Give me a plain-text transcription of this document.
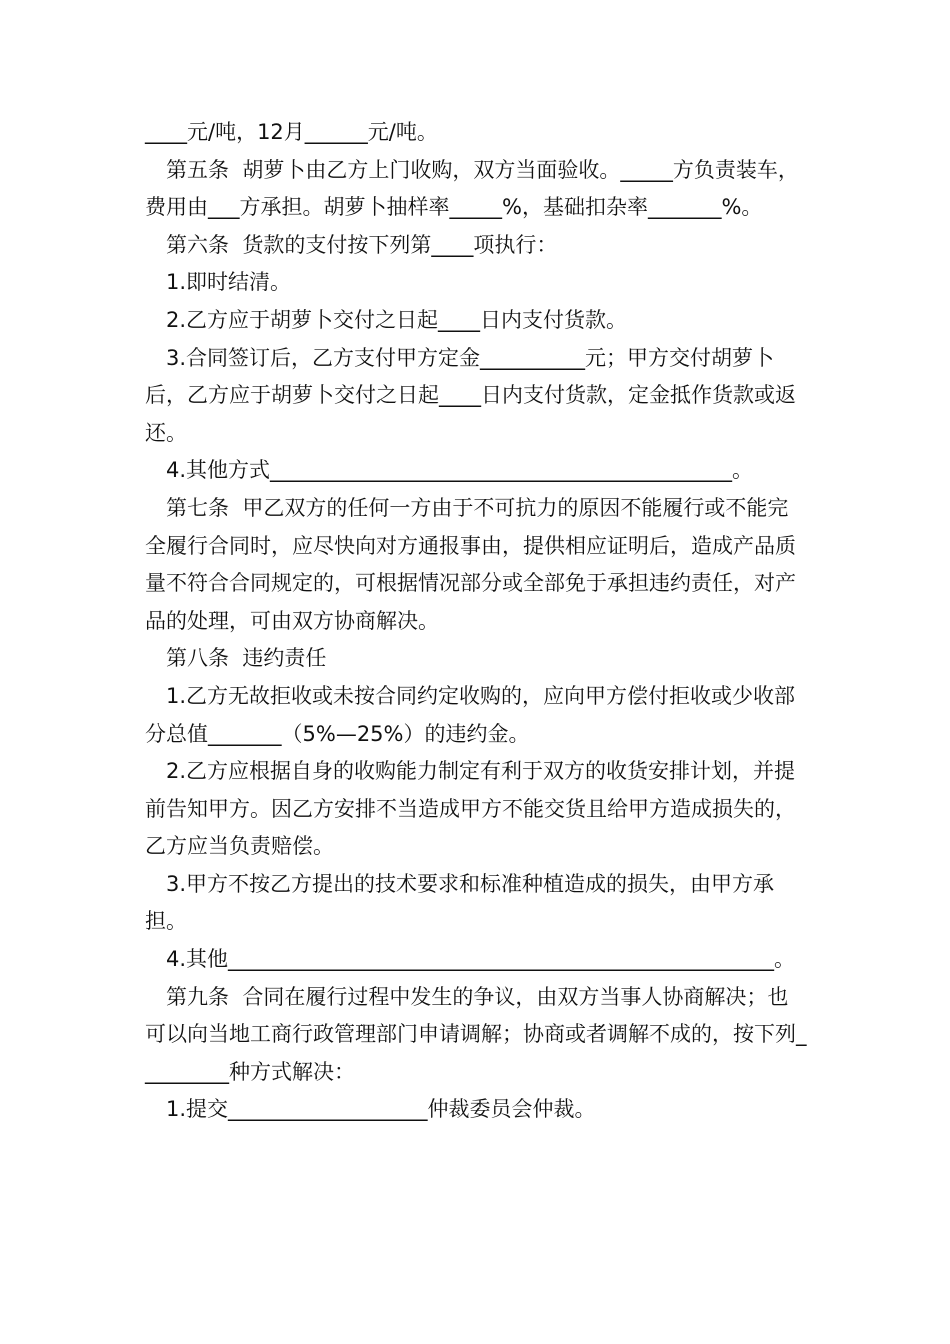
____元/吨，12月______元/吨。

第五条  胡萝卜由乙方上门收购，双方当面验收。_____方负责装车，费用由___方承担。胡萝卜抽样率_____%，基础扣杂率_______%。

第六条  货款的支付按下列第____项执行：

1.即时结清。

2.乙方应于胡萝卜交付之日起____日内支付货款。

3.合同签订后，乙方支付甲方定金__________元；甲方交付胡萝卜后，乙方应于胡萝卜交付之日起____日内支付货款，定金抵作货款或返还。

4.其他方式____________________________________________。

第七条  甲乙双方的任何一方由于不可抗力的原因不能履行或不能完全履行合同时，应尽快向对方通报事由，提供相应证明后，造成产品质量不符合合同规定的，可根据情况部分或全部免于承担违约责任，对产品的处理，可由双方协商解决。

第八条  违约责任

1.乙方无故拒收或未按合同约定收购的，应向甲方偿付拒收或少收部分总值_______（5%—25%）的违约金。

2.乙方应根据自身的收购能力制定有利于双方的收货安排计划，并提前告知甲方。因乙方安排不当造成甲方不能交货且给甲方造成损失的，乙方应当负责赔偿。

3.甲方不按乙方提出的技术要求和标准种植造成的损失，由甲方承担。

4.其他____________________________________________________。

第九条  合同在履行过程中发生的争议，由双方当事人协商解决；也可以向当地工商行政管理部门申请调解；协商或者调解不成的，按下列_________种方式解决：

1.提交___________________仲裁委员会仲裁。
